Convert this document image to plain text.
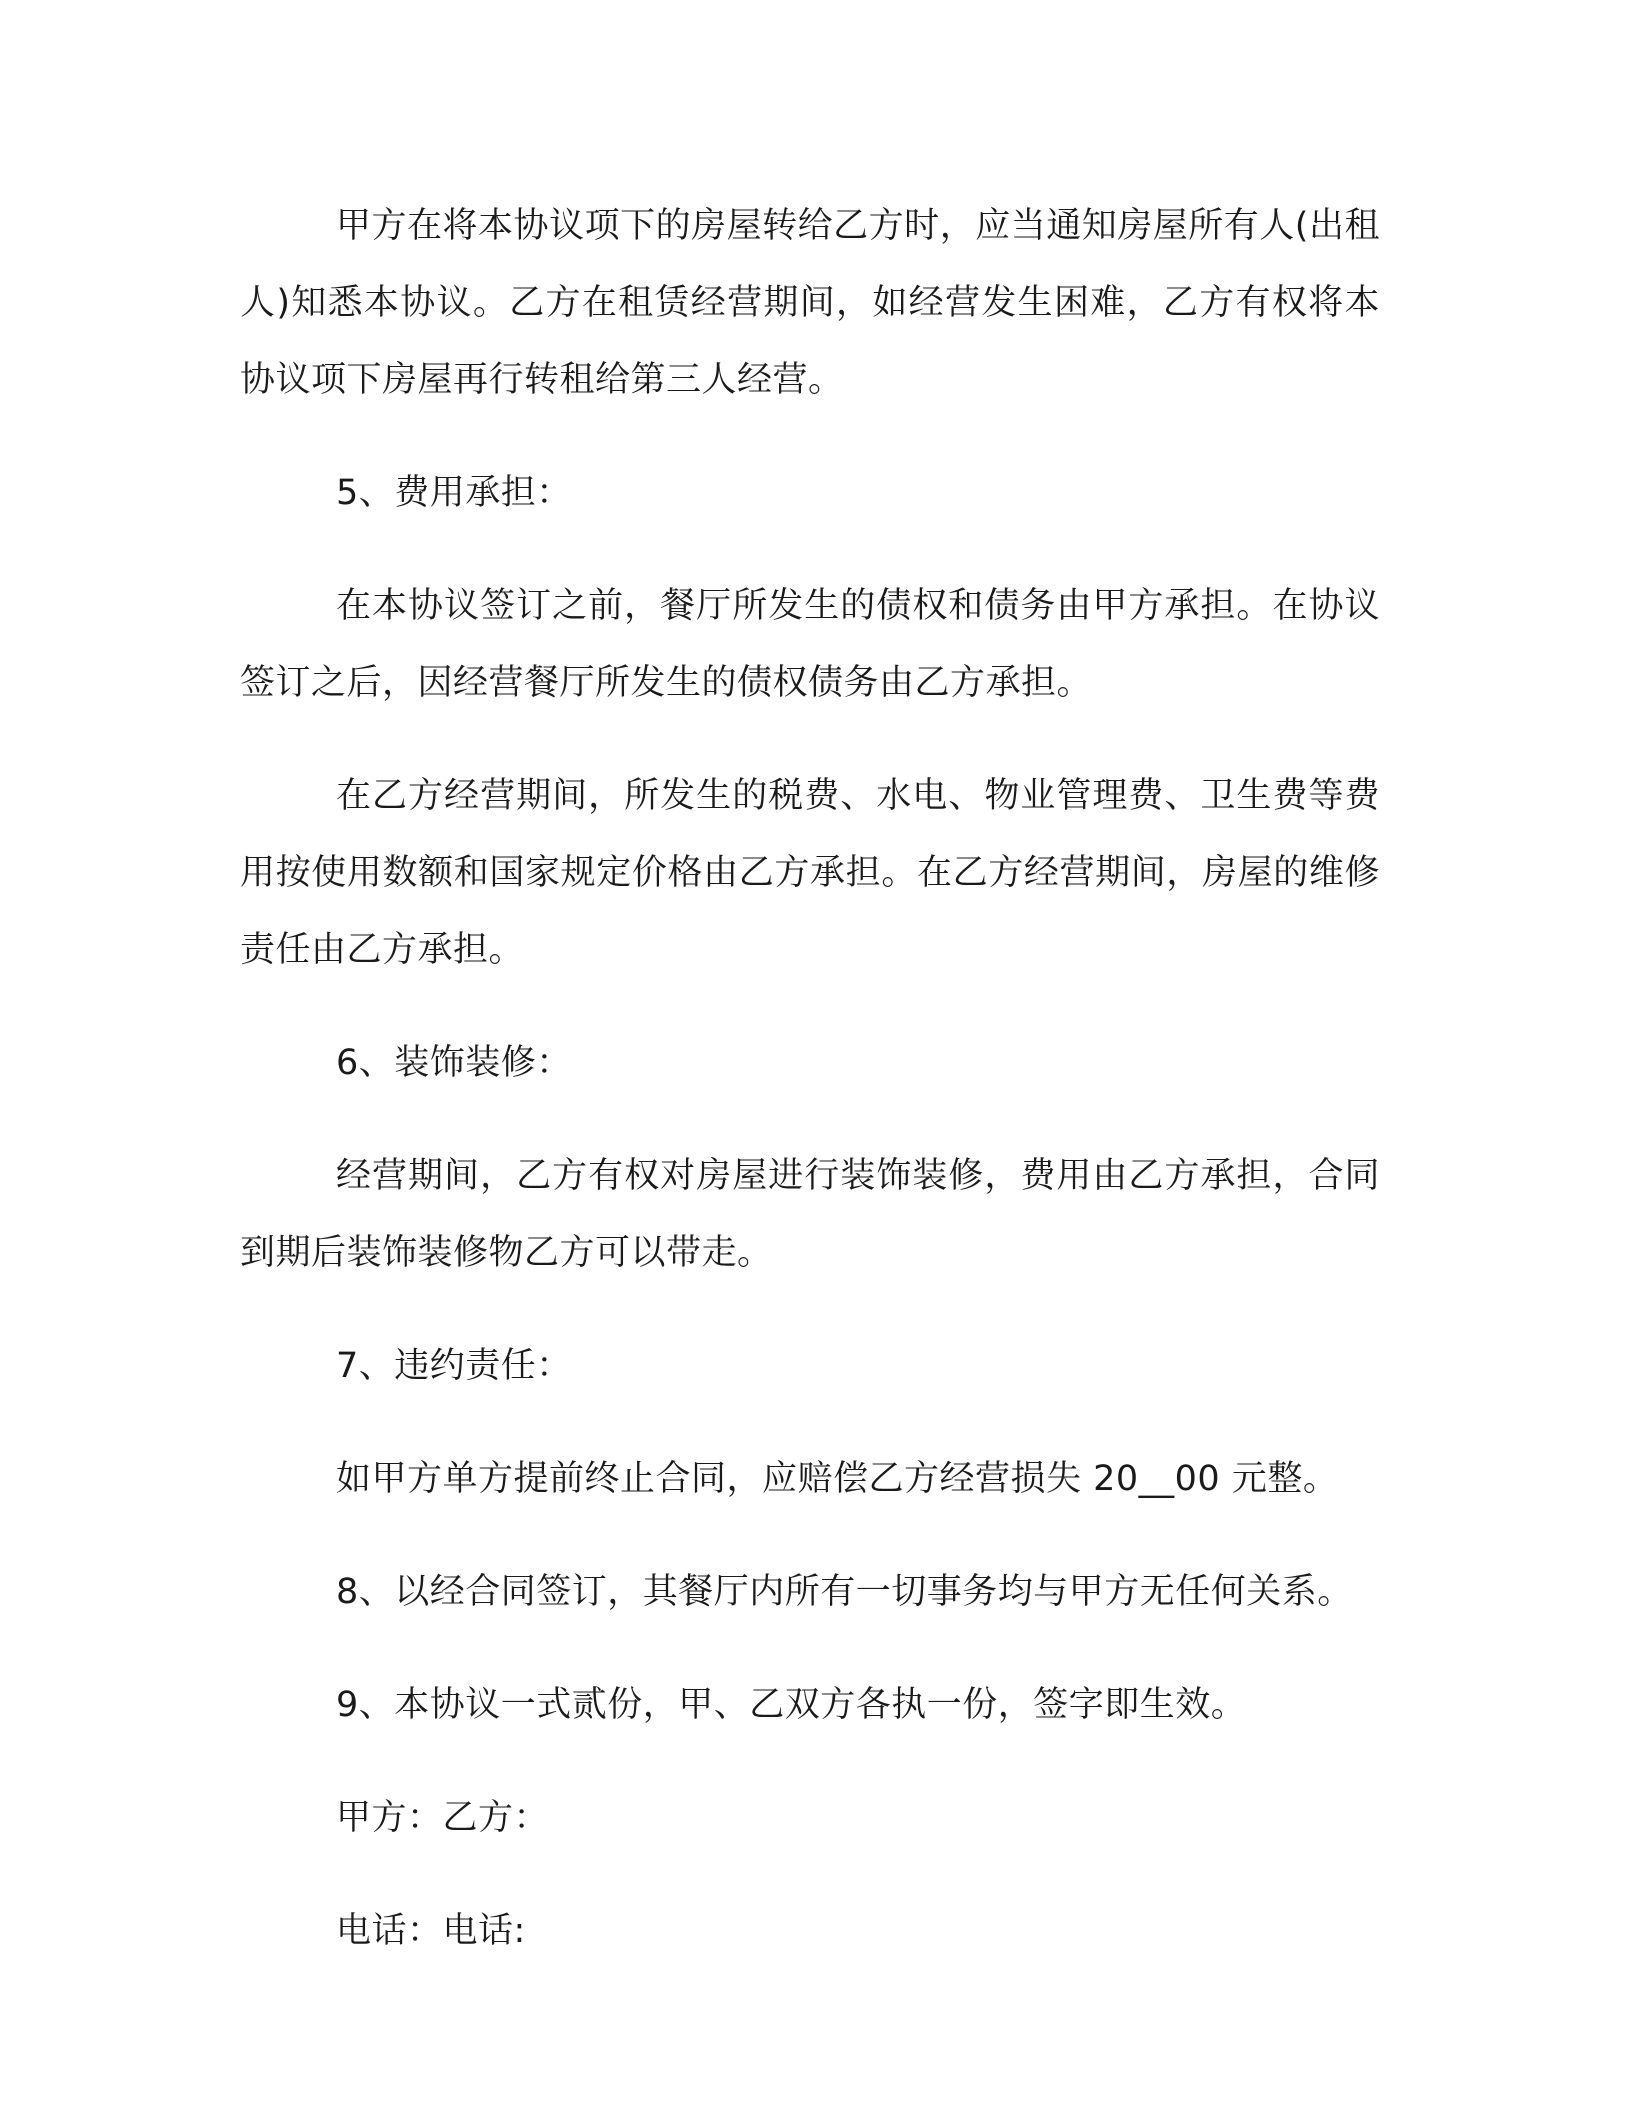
甲方在将本协议项下的房屋转给乙方时，应当通知房屋所有人(出租人)知悉本协议。乙方在租赁经营期间，如经营发生困难，乙方有权将本协议项下房屋再行转租给第三人经营。

5、费用承担：

在本协议签订之前，餐厅所发生的债权和债务由甲方承担。在协议签订之后，因经营餐厅所发生的债权债务由乙方承担。

在乙方经营期间，所发生的税费、水电、物业管理费、卫生费等费用按使用数额和国家规定价格由乙方承担。在乙方经营期间，房屋的维修责任由乙方承担。

6、装饰装修：

经营期间，乙方有权对房屋进行装饰装修，费用由乙方承担，合同到期后装饰装修物乙方可以带走。

7、违约责任：

如甲方单方提前终止合同，应赔偿乙方经营损失 20__00 元整。

8、以经合同签订，其餐厅内所有一切事务均与甲方无任何关系。

9、本协议一式贰份，甲、乙双方各执一份，签字即生效。

甲方：乙方：

电话：电话:
